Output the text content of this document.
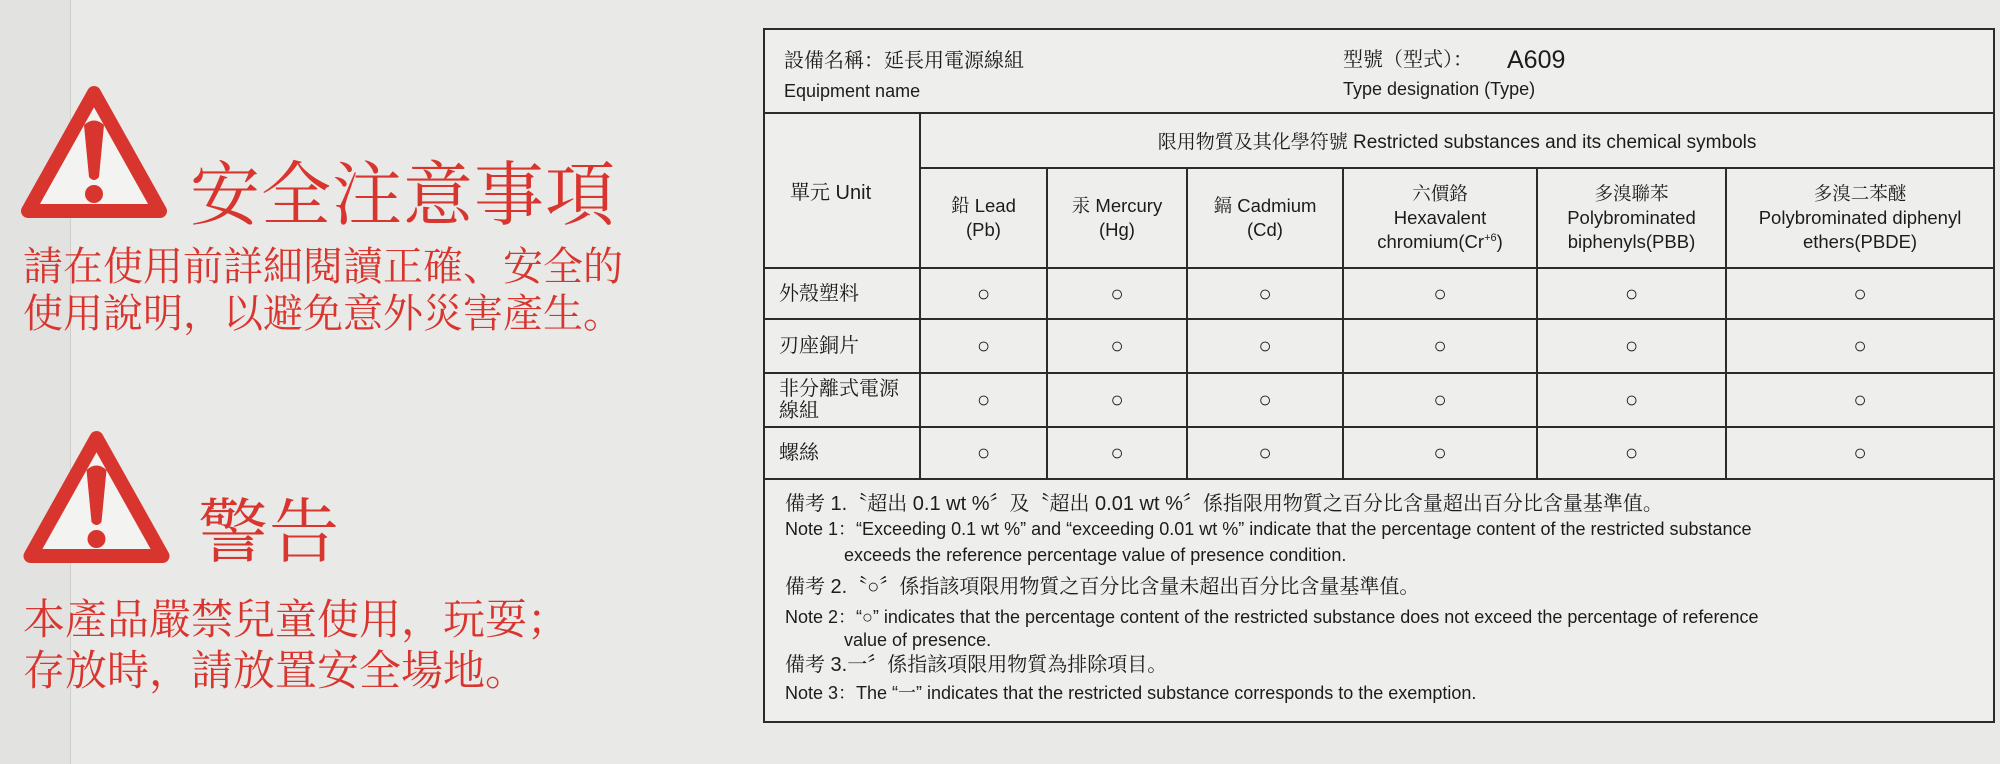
安全注意事項
請在使用前詳細閱讀正確、安全的
使用說明，以避免意外災害產生。
警告
本產品嚴禁兒童使用，玩耍；
存放時，請放置安全場地。
設備名稱：延長用電源線組
Equipment name
型號（型式）： A609
Type designation (Type)
單元 Unit	限用物質及其化學符號 Restricted substances and its chemical symbols					

	鉛 Lead
(Pb)	汞 Mercury
(Hg)	鎘 Cadmium
(Cd)	六價鉻
Hexavalent
$chromium(Cr^{+6})$	多溴聯苯
Polybrominated
biphenyls(PBB)	多溴二苯醚
Polybrominated diphenyl
ethers(PBDE)

外殼塑料	○	○	○	○	○	○
刃座銅片	○	○	○	○	○	○
非分離式電源線組	○	○	○	○	○	○
螺絲	○	○	○	○	○	○
備考 1.〝超出 0.1 wt %〞及〝超出 0.01 wt %〞係指限用物質之百分比含量超出百分比含量基準值。
Note 1：“Exceeding 0.1 wt %” and “exceeding 0.01 wt %” indicate that the percentage content of the restricted substance
exceeds the reference percentage value of presence condition.
備考 2.〝○〞係指該項限用物質之百分比含量未超出百分比含量基準值。
Note 2：“○” indicates that the percentage content of the restricted substance does not exceed the percentage of reference
value of presence.
備考 3.一〞係指該項限用物質為排除項目。
Note 3：The “一” indicates that the restricted substance corresponds to the exemption.
